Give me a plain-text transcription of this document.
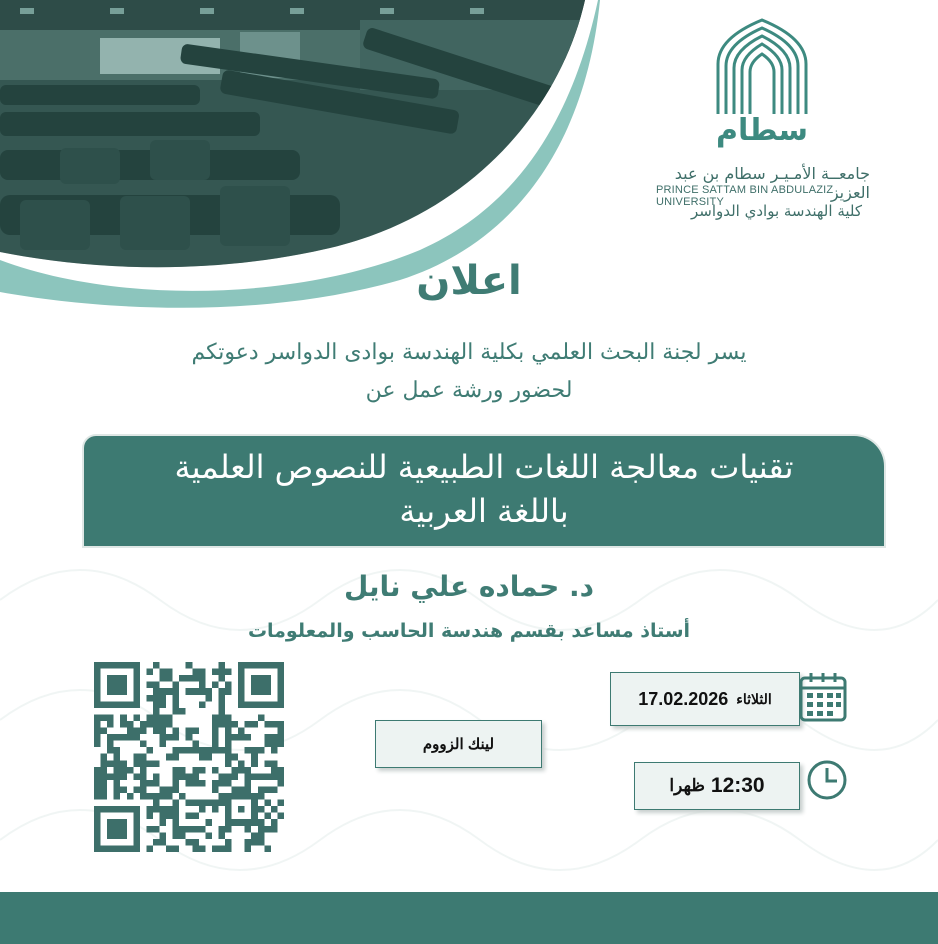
سطام
جامعــة الأمـيـر سطام بن عبد العزيز
PRINCE SATTAM BIN ABDULAZIZ UNIVERSITY
كلية الهندسة بوادي الدواسر
اعلان
يسر لجنة البحث العلمي بكلية الهندسة بوادى الدواسر دعوتكم
لحضور ورشة عمل عن
تقنيات معالجة اللغات الطبيعية للنصوص العلمية
باللغة العربية
د. حماده علي نايل
أستاذ مساعد بقسم هندسة الحاسب والمعلومات
لينك الزووم
17.02.2026 الثلاثاء
12:30
ظهرا
